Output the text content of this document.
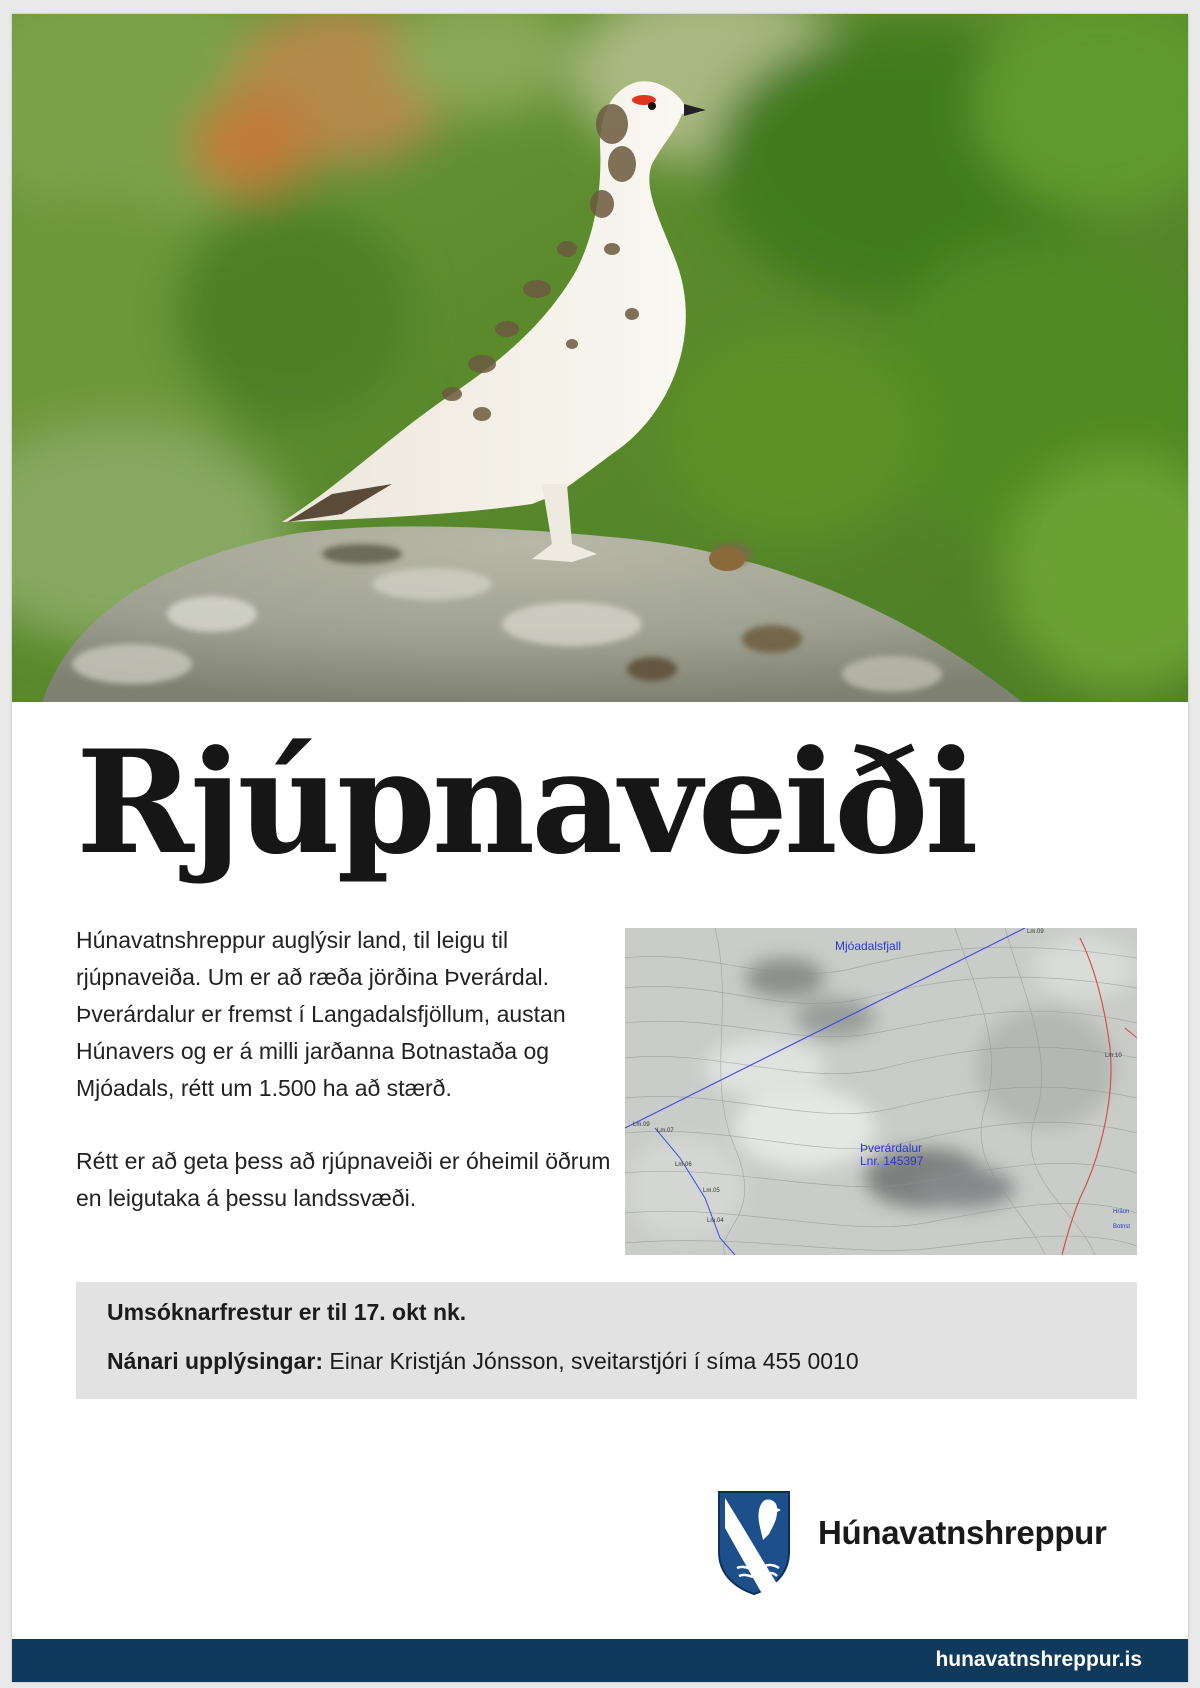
Rjúpnaveiði

Húnavatnshreppur auglýsir land, til leigu til rjúpnaveiða. Um er að ræða jörðina Þverárdal. Þverárdalur er fremst í Langadalsfjöllum, austan Húnavers og er á milli jarðanna Botnastaða og Mjóadals, rétt um 1.500 ha að stærð.

Rétt er að geta þess að rjúpnaveiði er óheimil öðrum en leigutaka á þessu landssvæði.

Mjóadalsfjall
Þverárdalur
Lnr. 145397
Lm.09
Lm.07
Lm.06
Lm.05
Lm.04
Lm.10
Lm.09
Hráun
Botnst
Umsóknarfrestur er til 17. okt nk.
Nánari upplýsingar: Einar Kristján Jónsson, sveitarstjóri í síma 455 0010
Húnavatnshreppur
hunavatnshreppur.is
